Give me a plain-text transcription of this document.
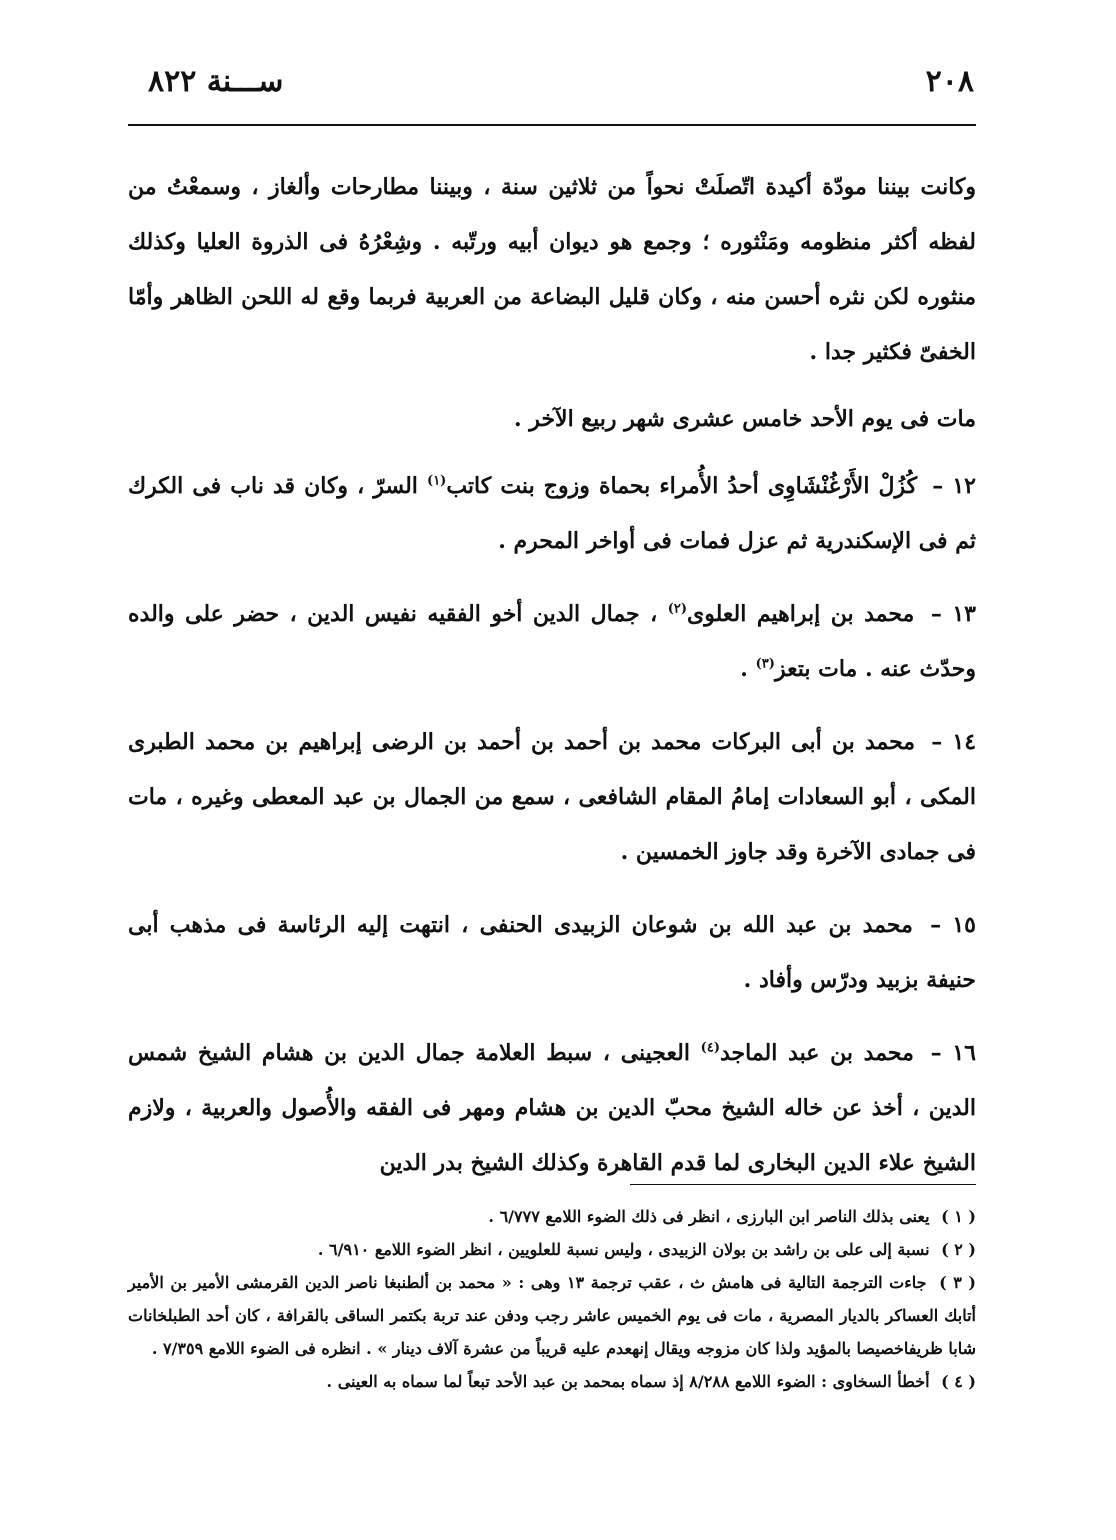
٢٠٨
ســـنة ٨٢٢

وكانت بيننا مودّة أكيدة اتّصلَتْ نحواً من ثلاثين سنة ، وبيننا مطارحات وألغاز ، وسمعْتُ من لفظه أكثر منظومه ومَنْثوره ؛ وجمع هو ديوان أبيه ورتّبه . وشِعْرُهُ فى الذروة العليا وكذلك منثوره لكن نثره أحسن منه ، وكان قليل البضاعة من العربية فربما وقع له اللحن الظاهر وأمّا الخفىّ فكثير جدا .

مات فى يوم الأحد خامس عشرى شهر ربيع الآخر .

١٢ – كُزُلْ الأَرْغُنْشَاوِى أحدُ الأُمراء بحماة وزوج بنت كاتب$^{(١)}$ السرّ ، وكان قد ناب فى الكرك ثم فى الإسكندرية ثم عزل فمات فى أواخر المحرم .

١٣ – محمد بن إبراهيم العلوى$^{(٢)}$ ، جمال الدين أخو الفقيه نفيس الدين ، حضر على والده وحدّث عنه . مات بتعز$^{(٣)}$ .

١٤ – محمد بن أبى البركات محمد بن أحمد بن أحمد بن الرضى إبراهيم بن محمد الطبرى المكى ، أبو السعادات إمامُ المقام الشافعى ، سمع من الجمال بن عبد المعطى وغيره ، مات فى جمادى الآخرة وقد جاوز الخمسين .

١٥ – محمد بن عبد الله بن شوعان الزبيدى الحنفى ، انتهت إليه الرئاسة فى مذهب أبى حنيفة بزبيد ودرّس وأفاد .

١٦ – محمد بن عبد الماجد$^{(٤)}$ العجينى ، سبط العلامة جمال الدين بن هشام الشيخ شمس الدين ، أخذ عن خاله الشيخ محبّ الدين بن هشام ومهر فى الفقه والأُصول والعربية ، ولازم الشيخ علاء الدين البخارى لما قدم القاهرة وكذلك الشيخ بدر الدين

( ١ ) يعنى بذلك الناصر ابن البارزى ، انظر فى ذلك الضوء اللامع ٦/٧٧٧ .

( ٢ ) نسبة إلى على بن راشد بن بولان الزبيدى ، وليس نسبة للعلويين ، انظر الضوء اللامع ٦/٩١٠ .

( ٣ ) جاءت الترجمة التالية فى هامش ث ، عقب ترجمة ١٣ وهى : « محمد بن ألطنبغا ناصر الدين القرمشى الأمير بن الأمير أتابك العساكر بالديار المصرية ، مات فى يوم الخميس عاشر رجب ودفن عند تربة بكتمر الساقى بالقرافة ، كان أحد الطبلخانات شابا ظريفاخصيصا بالمؤيد ولذا كان مزوجه ويقال إنهعدم عليه قريباً من عشرة آلاف دينار » . انظره فى الضوء اللامع ٧/٣٥٩ .

( ٤ ) أخطأ السخاوى : الضوء اللامع ٨/٢٨٨ إذ سماه بمحمد بن عبد الأحد تبعاً لما سماه به العينى .
